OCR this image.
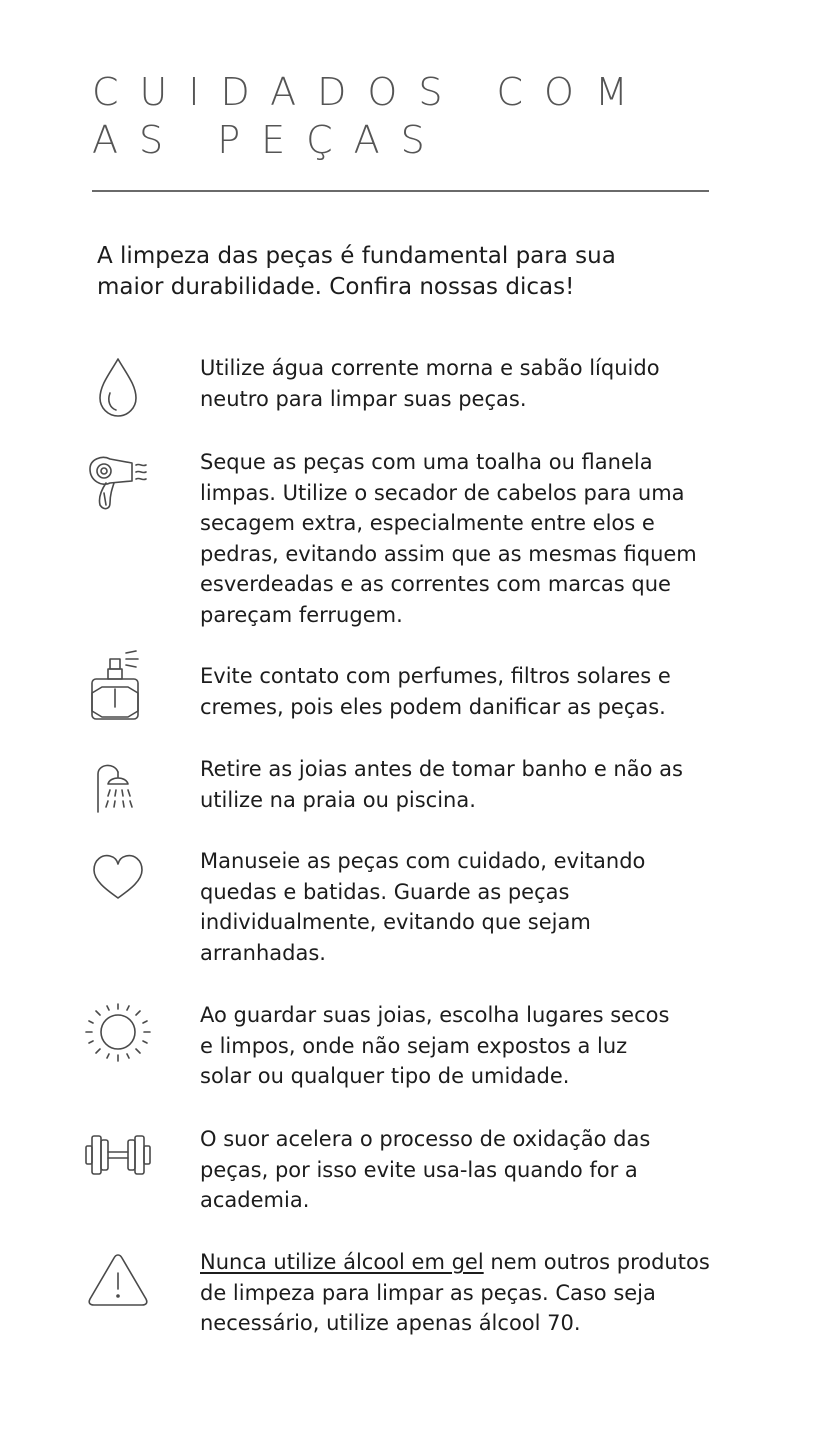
CUIDADOS COM
AS PEÇAS

A limpeza das peças é fundamental para sua
maior durabilidade. Confira nossas dicas!

Utilize água corrente morna e sabão líquido
neutro para limpar suas peças.
Seque as peças com uma toalha ou flanela
limpas. Utilize o secador de cabelos para uma
secagem extra, especialmente entre elos e
pedras, evitando assim que as mesmas fiquem
esverdeadas e as correntes com marcas que
pareçam ferrugem.
Evite contato com perfumes, filtros solares e
cremes, pois eles podem danificar as peças.
Retire as joias antes de tomar banho e não as
utilize na praia ou piscina.
Manuseie as peças com cuidado, evitando
quedas e batidas. Guarde as peças
individualmente, evitando que sejam
arranhadas.
Ao guardar suas joias, escolha lugares secos
e limpos, onde não sejam expostos a luz
solar ou qualquer tipo de umidade.
O suor acelera o processo de oxidação das
peças, por isso evite usa-las quando for a
academia.
Nunca utilize álcool em gel nem outros produtos
de limpeza para limpar as peças. Caso seja
necessário, utilize apenas álcool 70.
